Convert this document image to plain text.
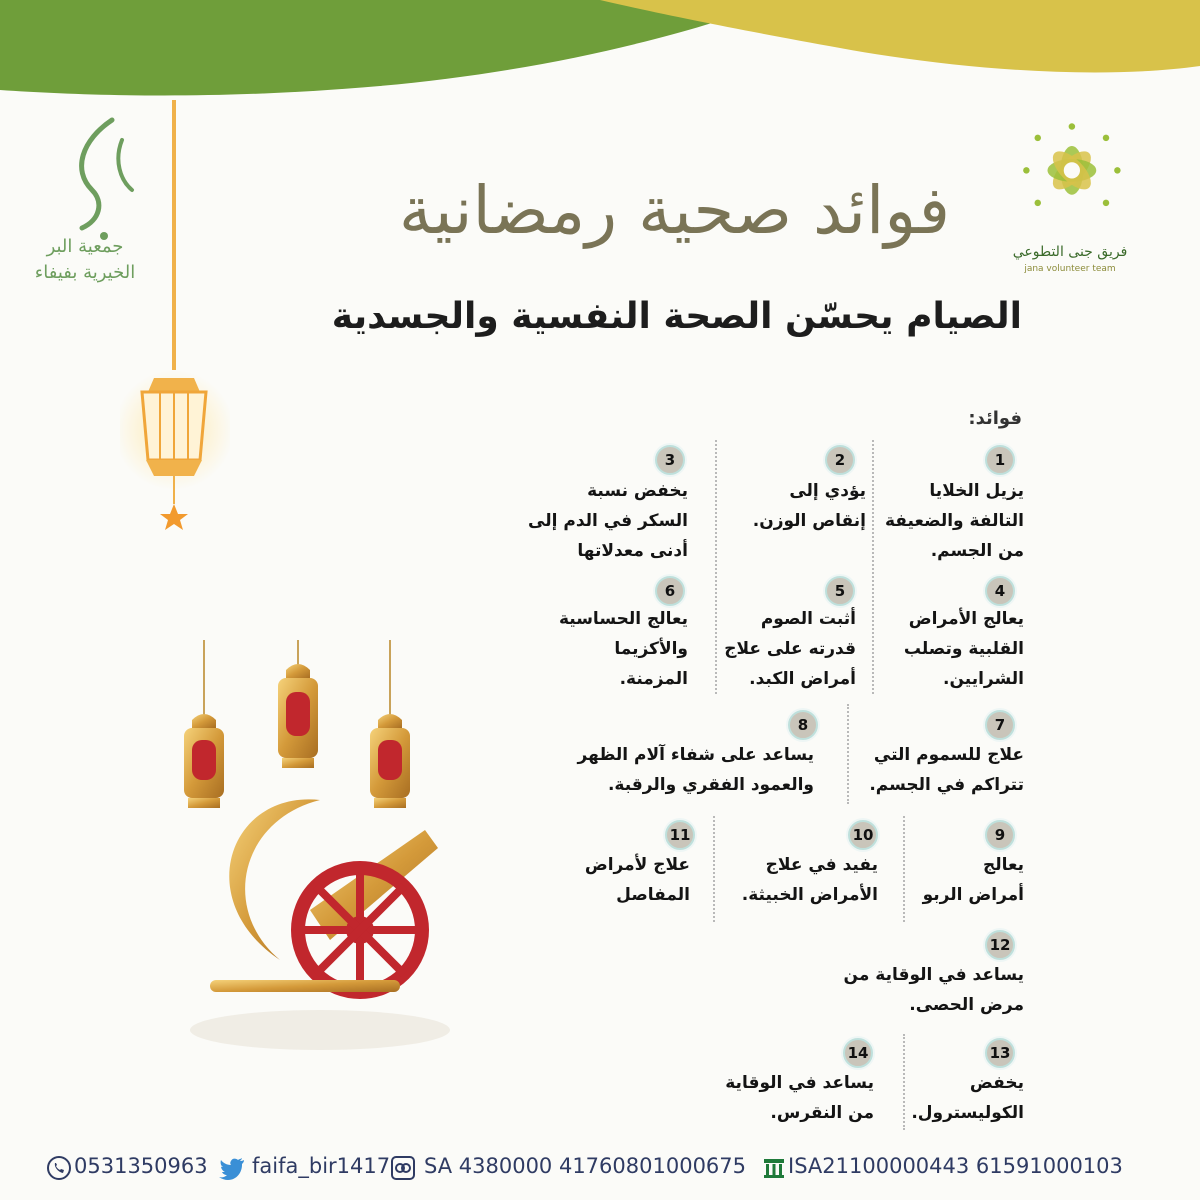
جمعية البر
الخيرية بفيفاء
فريق جنى التطوعي
jana volunteer team
فوائد صحية رمضانية
الصيام يحسّن الصحة النفسية والجسدية
فوائد:
1
يزيل الخلايا
التالفة والضعيفة
من الجسم.
2
يؤدي إلى
إنقاص الوزن.
3
يخفض نسبة
السكر في الدم إلى
أدنى معدلاتها
4
يعالج الأمراض
القلبية وتصلب
الشرايين.
5
أثبت الصوم
قدرته على علاج
أمراض الكبد.
6
يعالج الحساسية
والأكزيما
المزمنة.
7
علاج للسموم التي
تتراكم في الجسم.
8
يساعد على شفاء آلام الظهر
والعمود الفقري والرقبة.
9
يعالج
أمراض الربو
10
يفيد في علاج
الأمراض الخبيثة.
11
علاج لأمراض
المفاصل
12
يساعد في الوقاية من
مرض الحصى.
13
يخفض
الكوليسترول.
14
يساعد في الوقاية
من النقرس.
0531350963 faifa_bir1417 SA 4380000 41760801000675 ISA21100000443 61591000103
